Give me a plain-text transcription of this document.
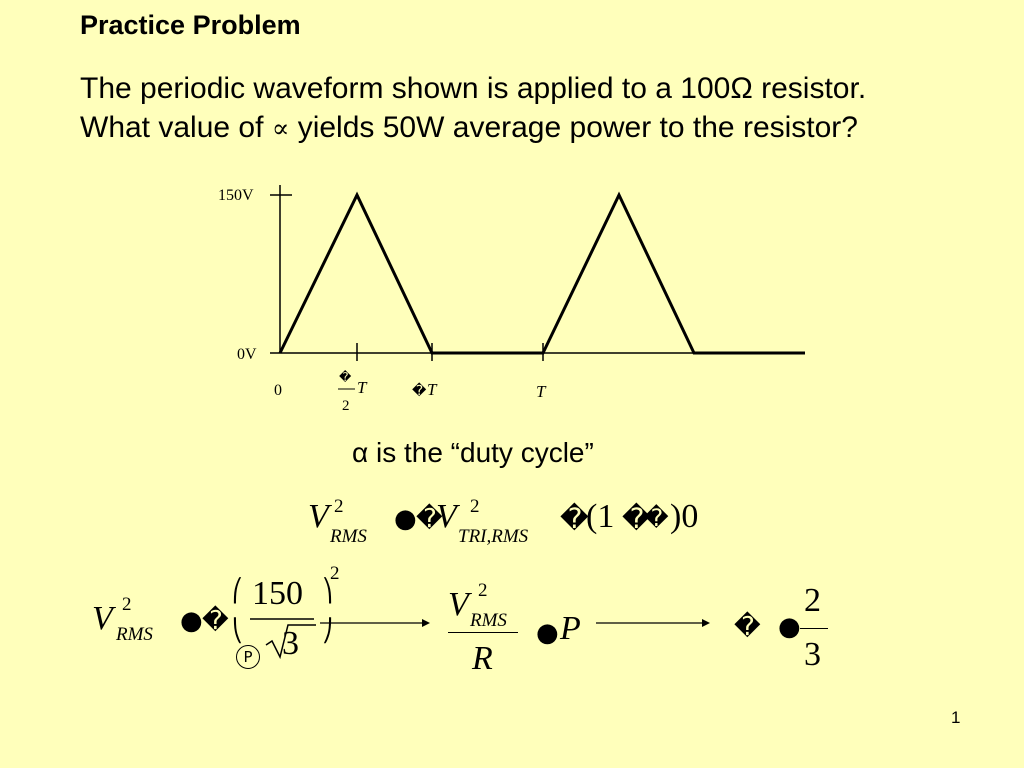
Practice Problem
The periodic waveform shown is applied to a 100Ω resistor.
What value of ∝ yields 50W average power to the resistor?
150V
0V
0
�
2
T	� T	T
α is the “duty cycle”
V 2
RMS
● �
V 2
TRI,RMS
�
(1 �
� )0
V 2
RMS ● �
150
2
⎛
⎝
⎞
⎠
3
P
V 2
RMS
R
● P	� ●
2
3
1
